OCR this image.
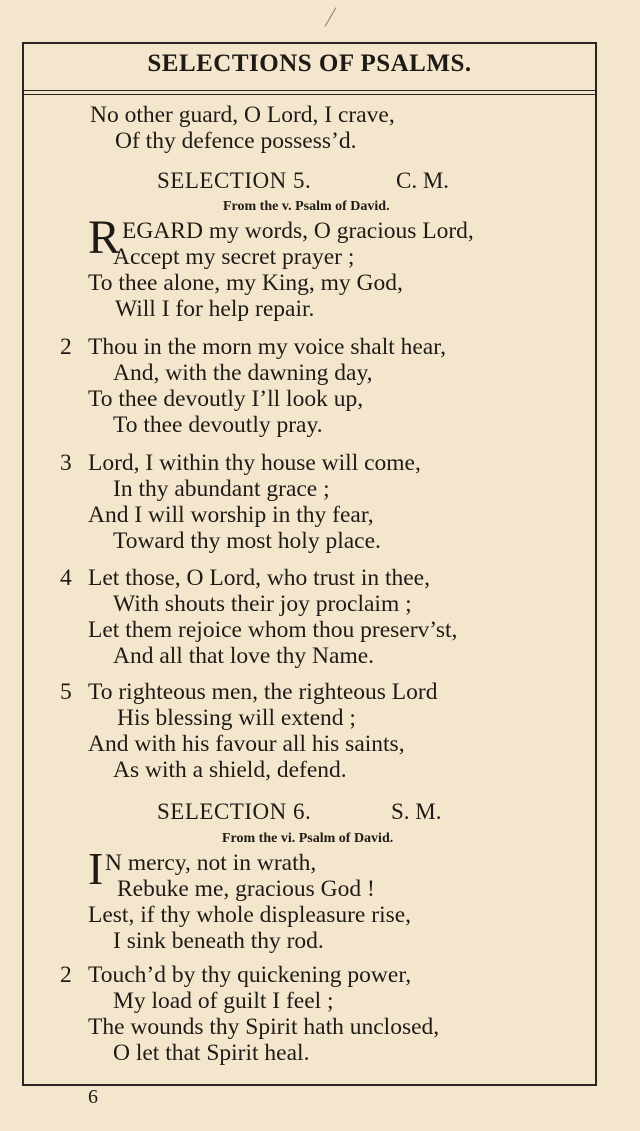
SELECTIONS OF PSALMS.
No other guard, O Lord, I crave,
Of thy defence possess’d.
SELECTION 5.	C. M.
From the v. Psalm of David.
R EGARD my words, O gracious Lord,
Accept my secret prayer ;
To thee alone, my King, my God,
Will I for help repair.
2 Thou in the morn my voice shalt hear,
And, with the dawning day,
To thee devoutly I’ll look up,
To thee devoutly pray.
3 Lord, I within thy house will come,
In thy abundant grace ;
And I will worship in thy fear,
Toward thy most holy place.
4 Let those, O Lord, who trust in thee,
With shouts their joy proclaim ;
Let them rejoice whom thou preserv’st,
And all that love thy Name.
5 To righteous men, the righteous Lord
His blessing will extend ;
And with his favour all his saints,
As with a shield, defend.
SELECTION 6.	S. M.
From the vi. Psalm of David.
I N mercy, not in wrath,
Rebuke me, gracious God !
Lest, if thy whole displeasure rise,
I sink beneath thy rod.
2 Touch’d by thy quickening power,
My load of guilt I feel ;
The wounds thy Spirit hath unclosed,
O let that Spirit heal.
6
